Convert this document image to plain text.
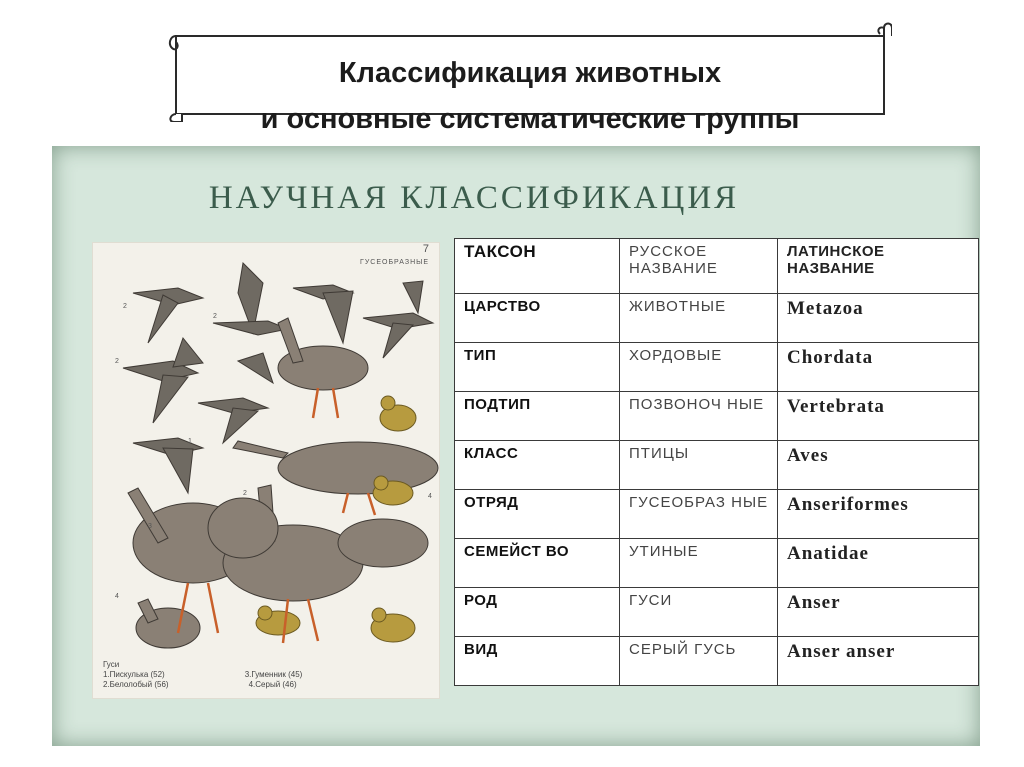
Классификация животных
и основные систематические группы
НАУЧНАЯ КЛАССИФИКАЦИЯ
2
2
2
1
3
2
4
4
7
ГУСЕОБРАЗНЫЕ
Гуси
1.Пискулька (52)	3.Гуменник (45)
2.Белолобый (56)	4.Серый (46)
ТАКСОН	РУССКОЕ НАЗВАНИЕ	ЛАТИНСКОЕ НАЗВАНИЕ
ЦАРСТВО	ЖИВОТНЫЕ	Metazoa
ТИП	ХОРДОВЫЕ	Chordata
ПОДТИП	ПОЗВОНОЧ НЫЕ	Vertebrata
КЛАСС	ПТИЦЫ	Aves
ОТРЯД	ГУСЕОБРАЗ НЫЕ	Anseriformes
СЕМЕЙСТ ВО	УТИНЫЕ	Anatidae
РОД	ГУСИ	Anser
ВИД	СЕРЫЙ ГУСЬ	Anser anser
